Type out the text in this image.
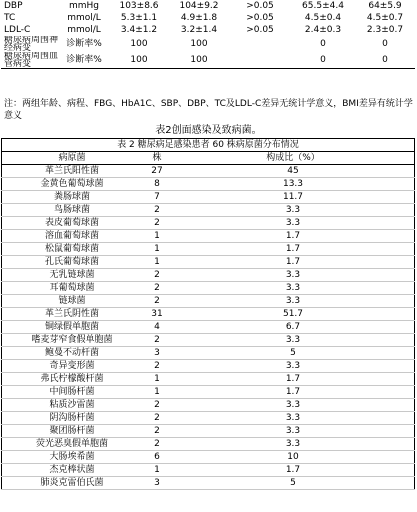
DBP	mmHg	103±8.6	104±9.2	>0.05	65.5±4.4	64±5.9
TC	mmol/L	5.3±1.1	4.9±1.8	>0.05	4.5±0.4	4.5±0.7
LDL-C	mmol/L	3.4±1.2	3.2±1.4	>0.05	2.4±0.3	2.3±0.7
糖尿病周围神经病变	诊断率%	100	100		0	0
糖尿病周围血管病变	诊断率%	100	100		0	0
注：两组年龄、病程、FBG、HbA1C、SBP、DBP、TC及LDL-C差异无统计学意义，BMI差异有统计学意义
表2创面感染及致病菌。
表 2 糖尿病足感染患者 60 株病原菌分布情况		
病原菌	株	构成比（%）
革兰氏阳性菌	27	45
金黄色葡萄球菌	8	13.3
粪肠球菌	7	11.7
鸟肠球菌	2	3.3
表皮葡萄球菌	2	3.3
溶血葡萄球菌	1	1.7
松鼠葡萄球菌	1	1.7
孔氏葡萄球菌	1	1.7
无乳链球菌	2	3.3
耳葡萄球菌	2	3.3
链球菌	2	3.3
革兰氏阴性菌	31	51.7
铜绿假单胞菌	4	6.7
嗜麦芽窄食假单胞菌	2	3.3
鲍曼不动杆菌	3	5
奇异变形菌	2	3.3
弗氏柠檬酸杆菌	1	1.7
中间肠杆菌	1	1.7
粘质沙雷菌	2	3.3
阴沟肠杆菌	2	3.3
聚团肠杆菌	2	3.3
荧光恶臭假单胞菌	2	3.3
大肠埃希菌	6	10
杰克棒状菌	1	1.7
肺炎克雷伯氏菌	3	5
